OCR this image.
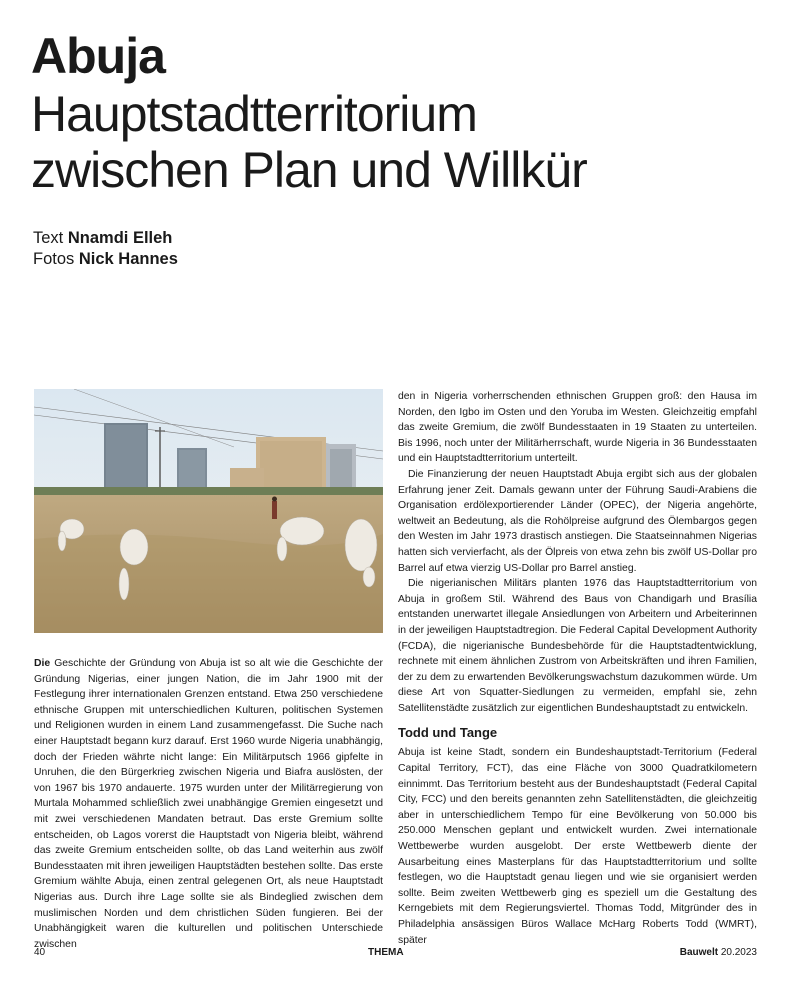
Abuja
Hauptstadtterritorium
zwischen Plan und Willkür
Text Nnamdi Elleh
Fotos Nick Hannes

Die Geschichte der Gründung von Abuja ist so alt wie die Geschichte der Gründung Nigerias, einer jungen Nation, die im Jahr 1900 mit der Festlegung ihrer internationalen Grenzen entstand. Etwa 250 verschiedene ethnische Gruppen mit unterschiedlichen Kulturen, politischen Systemen und Religionen wurden in einem Land zusammengefasst. Die Suche nach einer Hauptstadt begann kurz darauf. Erst 1960 wurde Nigeria unabhängig, doch der Frieden währte nicht lange: Ein Militärputsch 1966 gipfelte in Unruhen, die den Bürgerkrieg zwischen Nigeria und Biafra auslösten, der von 1967 bis 1970 andauerte. 1975 wurden unter der Militärregierung von Murtala Mohammed schließlich zwei unabhängige Gremien eingesetzt und mit zwei verschiedenen Mandaten betraut. Das erste Gremium sollte entscheiden, ob Lagos vorerst die Hauptstadt von Nigeria bleibt, während das zweite Gremium entscheiden sollte, ob das Land weiterhin aus zwölf Bundesstaaten mit ihren jeweiligen Hauptstädten bestehen sollte. Das erste Gremium wählte Abuja, einen zentral gelegenen Ort, als neue Hauptstadt Nigerias aus. Durch ihre Lage sollte sie als Bindeglied zwischen dem muslimischen Norden und dem christlichen Süden fungieren. Bei der Unabhängigkeit waren die kulturellen und politischen Unterschiede zwischen

den in Nigeria vorherrschenden ethnischen Gruppen groß: den Hausa im Norden, den Igbo im Osten und den Yoruba im Westen. Gleichzeitig empfahl das zweite Gremium, die zwölf Bundesstaaten in 19 Staaten zu unterteilen. Bis 1996, noch unter der Militärherrschaft, wurde Nigeria in 36 Bundesstaaten und ein Hauptstadtterritorium unterteilt.

Die Finanzierung der neuen Hauptstadt Abuja ergibt sich aus der globalen Erfahrung jener Zeit. Damals gewann unter der Führung Saudi-Arabiens die Organisation erdölexportierender Länder (OPEC), der Nigeria angehörte, weltweit an Bedeutung, als die Rohölpreise aufgrund des Ölembargos gegen den Westen im Jahr 1973 drastisch anstiegen. Die Staatseinnahmen Nigerias hatten sich vervierfacht, als der Ölpreis von etwa zehn bis zwölf US-Dollar pro Barrel auf etwa vierzig US-Dollar pro Barrel anstieg.

Die nigerianischen Militärs planten 1976 das Hauptstadtterritorium von Abuja in großem Stil. Während des Baus von Chandigarh und Brasília entstanden unerwartet illegale Ansiedlungen von Arbeitern und Arbeiterinnen in der jeweiligen Hauptstadtregion. Die Federal Capital Development Authority (FCDA), die nigerianische Bundesbehörde für die Hauptstadtentwicklung, rechnete mit einem ähnlichen Zustrom von Arbeitskräften und ihren Familien, der zu dem zu erwartenden Bevölkerungswachstum dazukommen würde. Um diese Art von Squatter-Siedlungen zu vermeiden, empfahl sie, zehn Satellitenstädte zusätzlich zur eigentlichen Bundeshauptstadt zu entwickeln.

Todd und Tange

Abuja ist keine Stadt, sondern ein Bundeshauptstadt-Territorium (Federal Capital Territory, FCT), das eine Fläche von 3000 Quadratkilometern einnimmt. Das Territorium besteht aus der Bundeshauptstadt (Federal Capital City, FCC) und den bereits genannten zehn Satellitenstädten, die gleichzeitig aber in unterschiedlichem Tempo für eine Bevölkerung von 50.000 bis 250.000 Menschen geplant und entwickelt wurden. Zwei internationale Wettbewerbe wurden ausgelobt. Der erste Wettbewerb diente der Ausarbeitung eines Masterplans für das Hauptstadtterritorium und sollte festlegen, wo die Hauptstadt genau liegen und wie sie organisiert werden sollte. Beim zweiten Wettbewerb ging es speziell um die Gestaltung des Kerngebiets mit dem Regierungsviertel. Thomas Todd, Mitgründer des in Philadelphia ansässigen Büros Wallace McHarg Roberts Todd (WMRT), später

40	THEMA	Bauwelt 20.2023
